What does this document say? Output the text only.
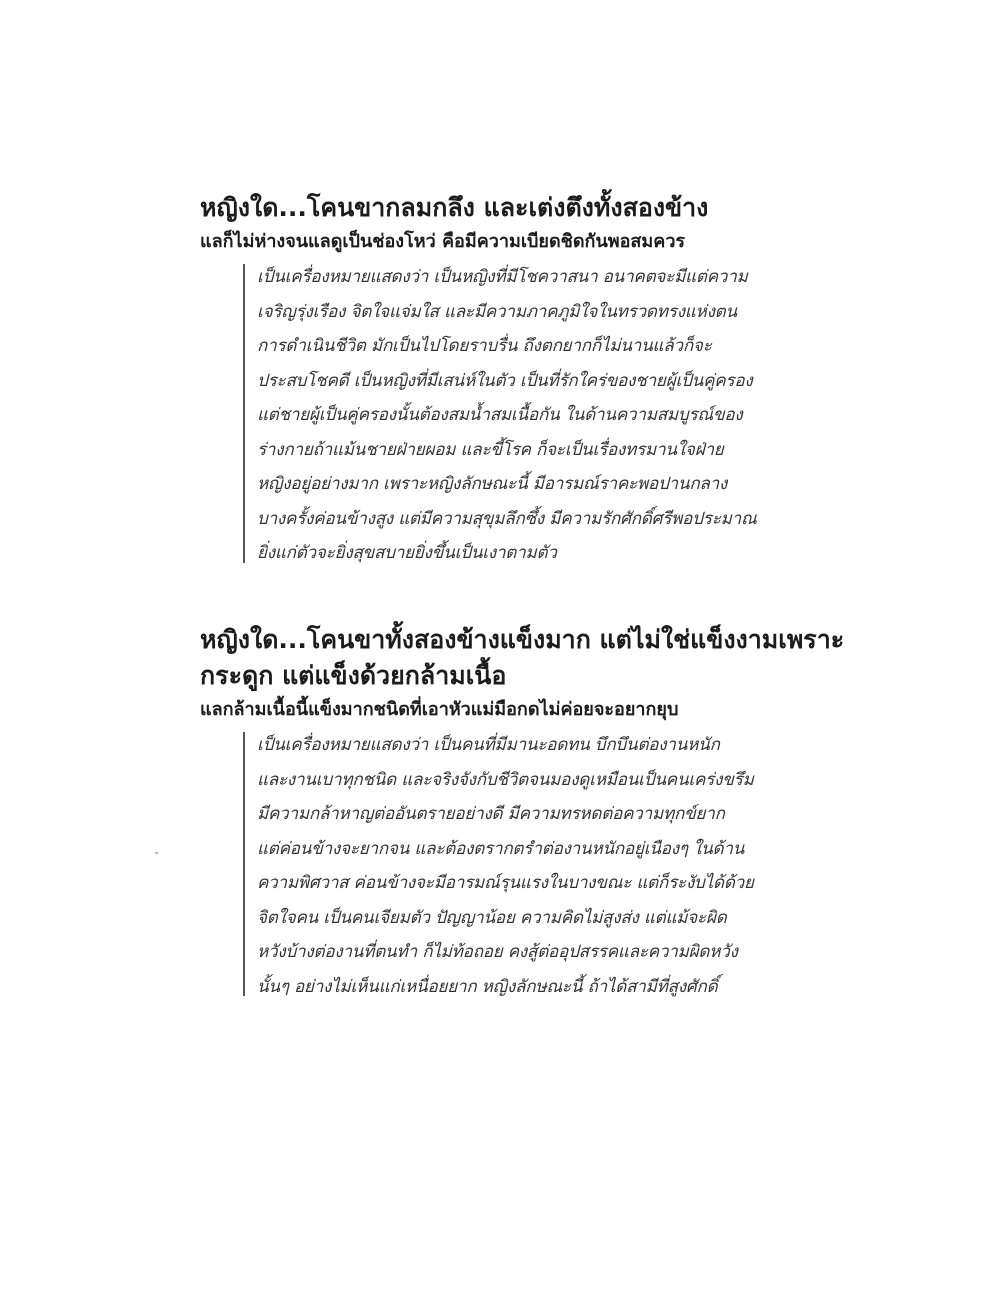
หญิงใด...โคนขากลมกลึง และเต่งตึงทั้งสองข้าง
แลก็ไม่ห่างจนแลดูเป็นช่องโหว่ คือมีความเบียดชิดกันพอสมควร
เป็นเครื่องหมายแสดงว่า เป็นหญิงที่มีโชควาสนา อนาคตจะมีแต่ความ
เจริญรุ่งเรือง จิตใจแจ่มใส และมีความภาคภูมิใจในทรวดทรงแห่งตน
การดำเนินชีวิต มักเป็นไปโดยราบรื่น ถึงตกยากก็ไม่นานแล้วก็จะ
ประสบโชคดี เป็นหญิงที่มีเสน่ห์ในตัว เป็นที่รักใคร่ของชายผู้เป็นคู่ครอง
แต่ชายผู้เป็นคู่ครองนั้นต้องสมน้ำสมเนื้อกัน ในด้านความสมบูรณ์ของ
ร่างกายถ้าแม้นชายฝ่ายผอม และขี้โรค ก็จะเป็นเรื่องทรมานใจฝ่าย
หญิงอยู่อย่างมาก เพราะหญิงลักษณะนี้ มีอารมณ์ราคะพอปานกลาง
บางครั้งค่อนข้างสูง แต่มีความสุขุมลึกซึ้ง มีความรักศักดิ์ศรีพอประมาณ
ยิ่งแก่ตัวจะยิ่งสุขสบายยิ่งขึ้นเป็นเงาตามตัว
หญิงใด...โคนขาทั้งสองข้างแข็งมาก แต่ไม่ใช่แข็งงามเพราะ
กระดูก แต่แข็งด้วยกล้ามเนื้อ
แลกล้ามเนื้อนี้แข็งมากชนิดที่เอาหัวแม่มือกดไม่ค่อยจะอยากยุบ
เป็นเครื่องหมายแสดงว่า เป็นคนที่มีมานะอดทน บึกบึนต่องานหนัก
และงานเบาทุกชนิด และจริงจังกับชีวิตจนมองดูเหมือนเป็นคนเคร่งขรึม
มีความกล้าหาญต่ออันตรายอย่างดี มีความทรหดต่อความทุกข์ยาก
แต่ค่อนข้างจะยากจน และต้องตรากตรำต่องานหนักอยู่เนืองๆ ในด้าน
ความพิศวาส ค่อนข้างจะมีอารมณ์รุนแรงในบางขณะ แต่ก็ระงับได้ด้วย
จิตใจคน เป็นคนเจียมตัว ปัญญาน้อย ความคิดไม่สูงส่ง แต่แม้จะผิด
หวังบ้างต่องานที่ตนทำ ก็ไม่ท้อถอย คงสู้ต่ออุปสรรคและความผิดหวัง
นั้นๆ อย่างไม่เห็นแก่เหนื่อยยาก หญิงลักษณะนี้ ถ้าได้สามีที่สูงศักดิ์
